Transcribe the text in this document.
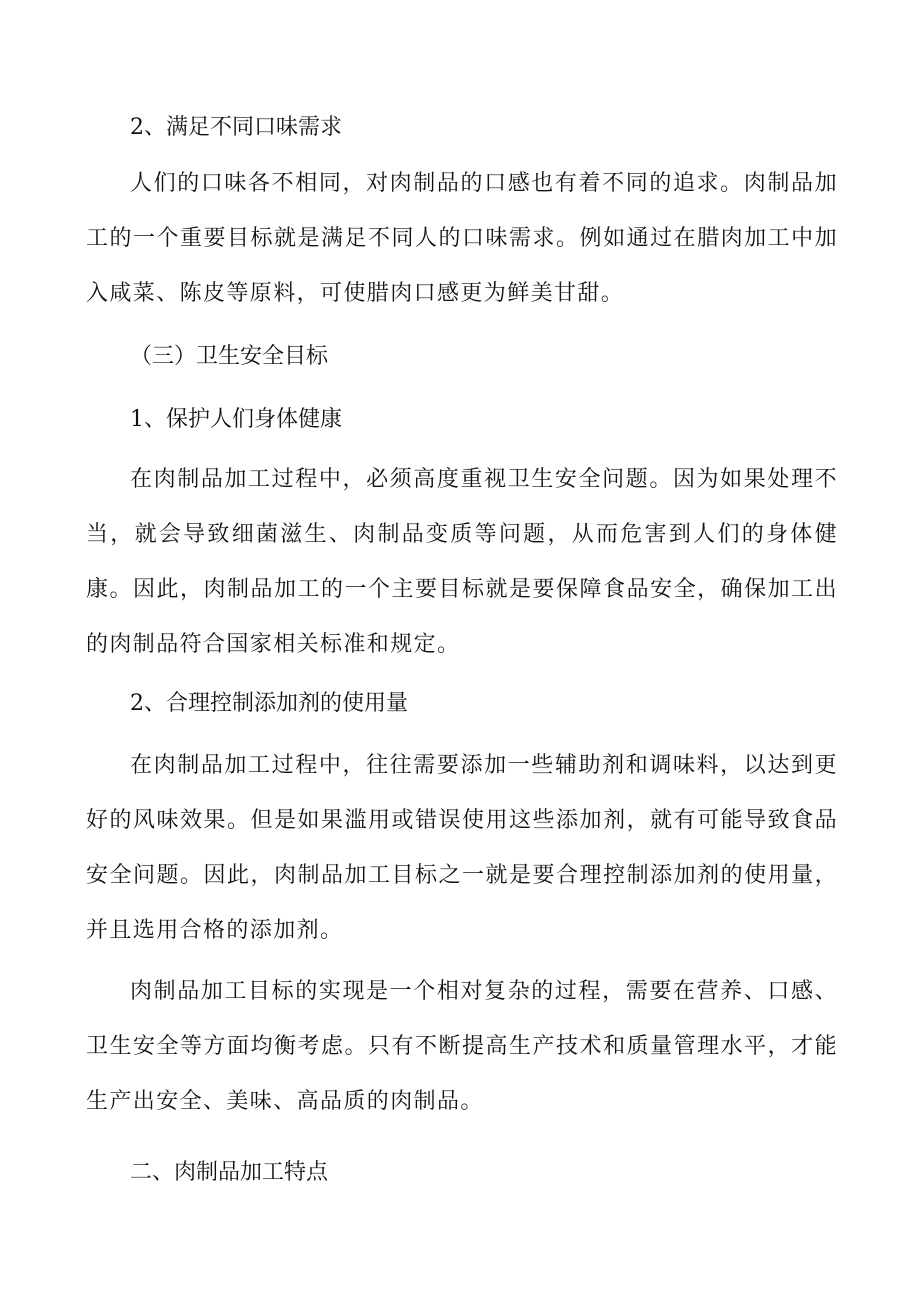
2、满足不同口味需求

人们的口味各不相同，对肉制品的口感也有着不同的追求。肉制品加工的一个重要目标就是满足不同人的口味需求。例如通过在腊肉加工中加入咸菜、陈皮等原料，可使腊肉口感更为鲜美甘甜。

（三）卫生安全目标

1、保护人们身体健康

在肉制品加工过程中，必须高度重视卫生安全问题。因为如果处理不当，就会导致细菌滋生、肉制品变质等问题，从而危害到人们的身体健康。因此，肉制品加工的一个主要目标就是要保障食品安全，确保加工出的肉制品符合国家相关标准和规定。

2、合理控制添加剂的使用量

在肉制品加工过程中，往往需要添加一些辅助剂和调味料，以达到更好的风味效果。但是如果滥用或错误使用这些添加剂，就有可能导致食品安全问题。因此，肉制品加工目标之一就是要合理控制添加剂的使用量，并且选用合格的添加剂。

肉制品加工目标的实现是一个相对复杂的过程，需要在营养、口感、卫生安全等方面均衡考虑。只有不断提高生产技术和质量管理水平，才能生产出安全、美味、高品质的肉制品。

二、肉制品加工特点
